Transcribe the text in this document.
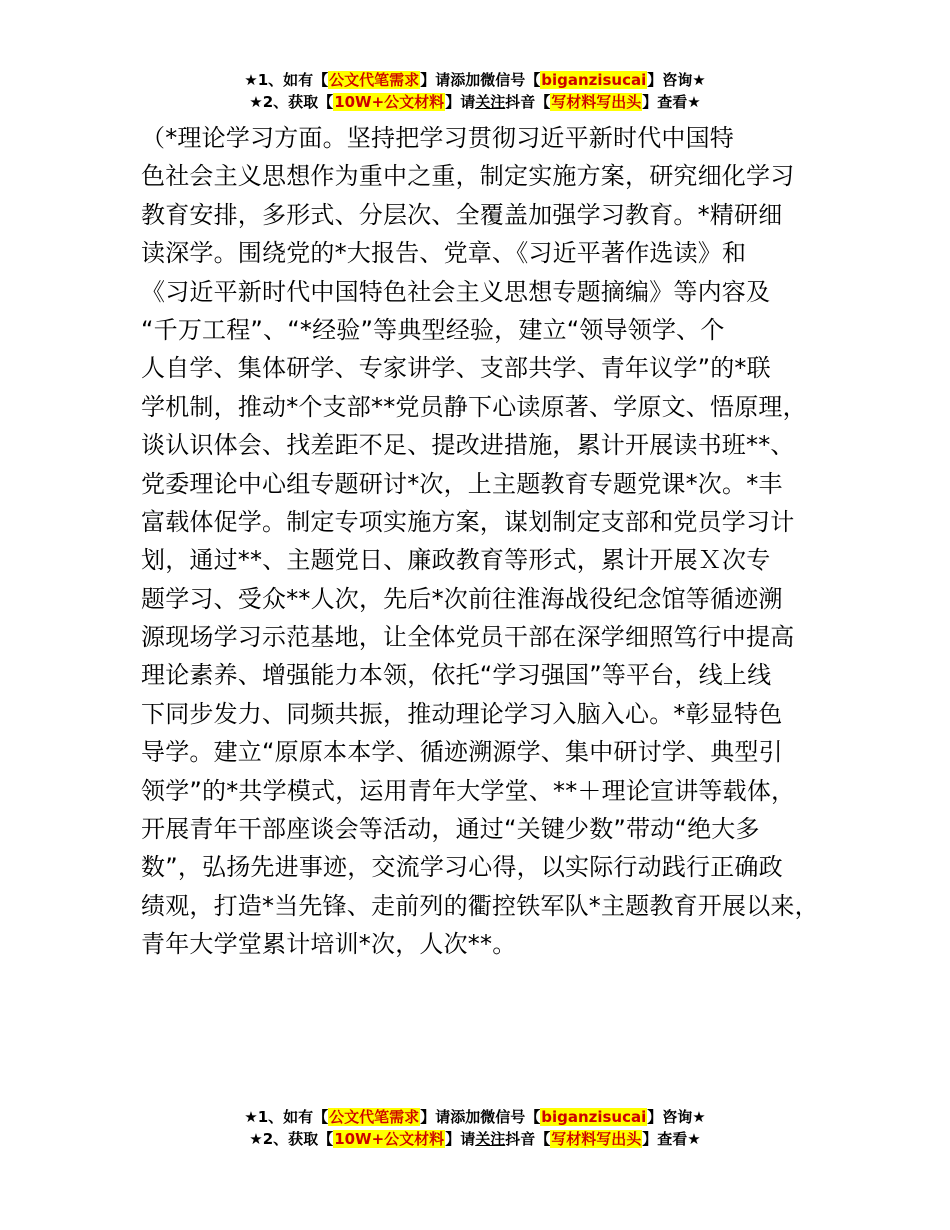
★1、如有【公文代笔需求】请添加微信号【biganzisucai】咨询★
★2、获取【10W+公文材料】请关注抖音【写材料写出头】查看★
（*理论学习方面。坚持把学习贯彻习近平新时代中国特
色社会主义思想作为重中之重，制定实施方案，研究细化学习
教育安排，多形式、分层次、全覆盖加强学习教育。*精研细
读深学。围绕党的*大报告、党章、《习近平著作选读》和
《习近平新时代中国特色社会主义思想专题摘编》等内容及
“千万工程”、“*经验”等典型经验，建立“领导领学、个
人自学、集体研学、专家讲学、支部共学、青年议学”的*联
学机制，推动*个支部**党员静下心读原著、学原文、悟原理，
谈认识体会、找差距不足、提改进措施，累计开展读书班**、
党委理论中心组专题研讨*次，上主题教育专题党课*次。*丰
富载体促学。制定专项实施方案，谋划制定支部和党员学习计
划，通过**、主题党日、廉政教育等形式，累计开展Ｘ次专
题学习、受众**人次，先后*次前往淮海战役纪念馆等循迹溯
源现场学习示范基地，让全体党员干部在深学细照笃行中提高
理论素养、增强能力本领，依托“学习强国”等平台，线上线
下同步发力、同频共振，推动理论学习入脑入心。*彰显特色
导学。建立“原原本本学、循迹溯源学、集中研讨学、典型引
领学”的*共学模式，运用青年大学堂、**＋理论宣讲等载体，
开展青年干部座谈会等活动，通过“关键少数”带动“绝大多
数”，弘扬先进事迹，交流学习心得，以实际行动践行正确政
绩观，打造*当先锋、走前列的衢控铁军队*主题教育开展以来，
青年大学堂累计培训*次，人次**。
★1、如有【公文代笔需求】请添加微信号【biganzisucai】咨询★
★2、获取【10W+公文材料】请关注抖音【写材料写出头】查看★
